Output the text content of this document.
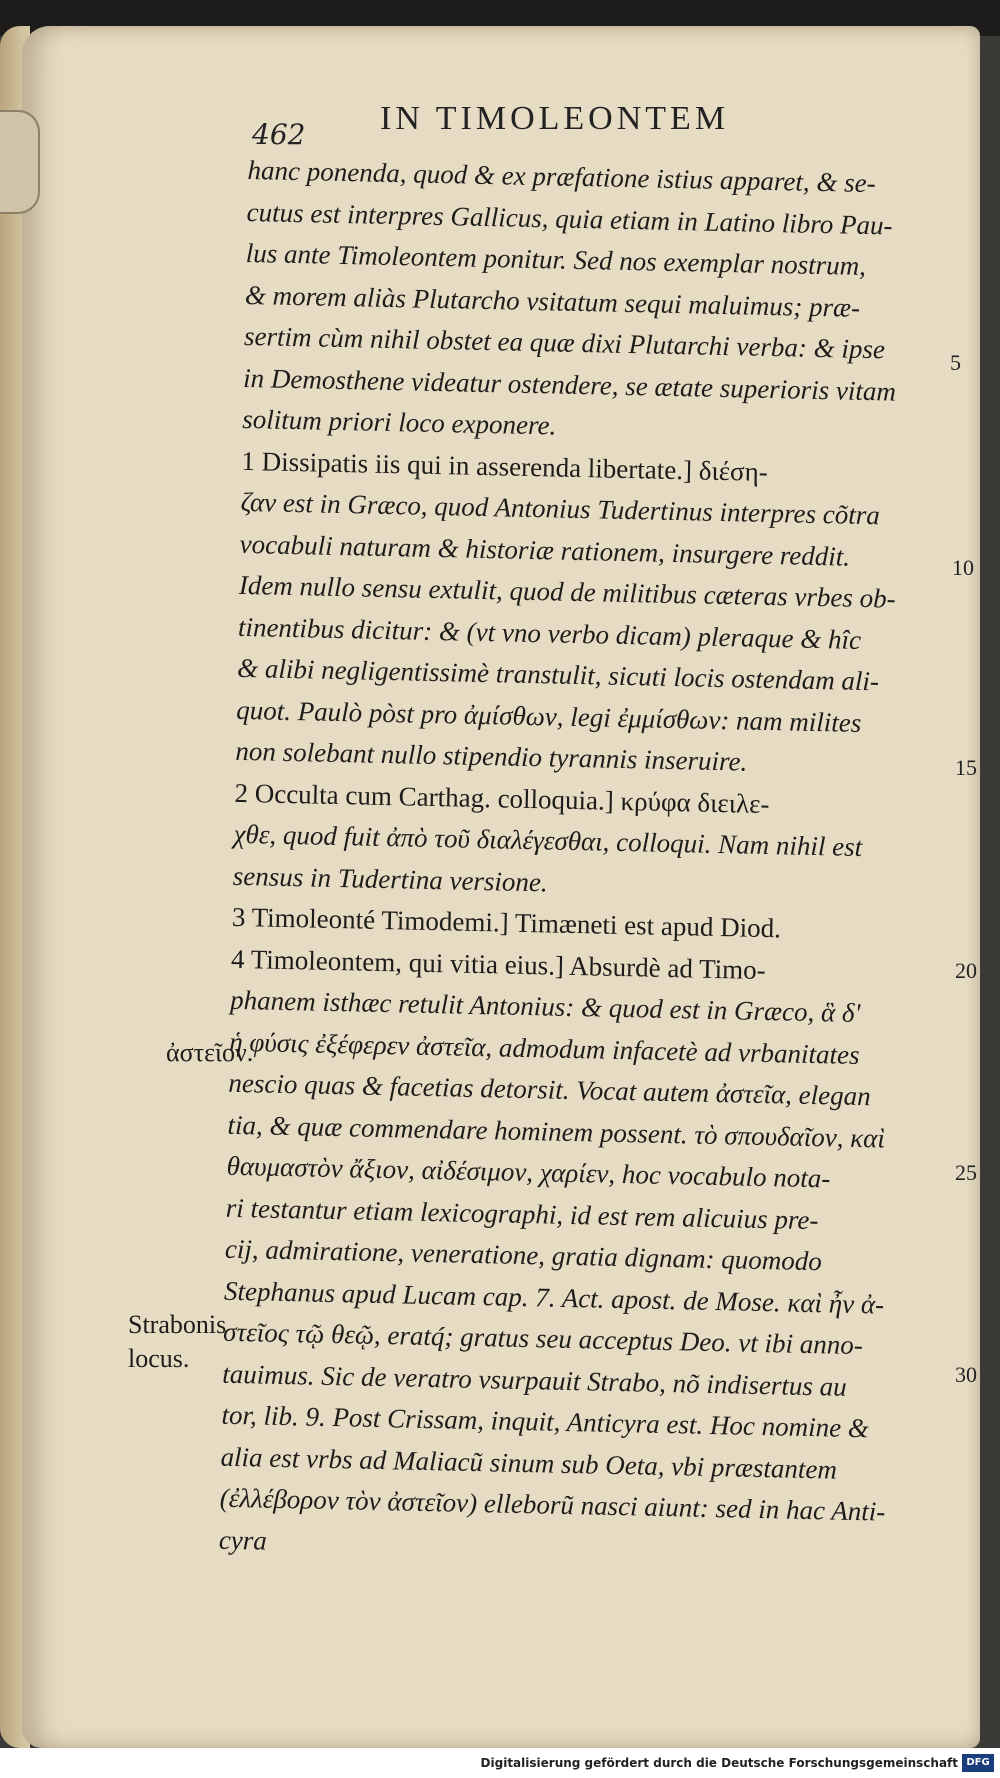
462 IN TIMOLEONTEM
hanc ponenda, quod & ex præfatione istius apparet, & se-
cutus est interpres Gallicus, quia etiam in Latino libro Pau-
lus ante Timoleontem ponitur. Sed nos exemplar nostrum,
& morem aliàs Plutarcho vsitatum sequi maluimus; præ-
sertim cùm nihil obstet ea quæ dixi Plutarchi verba: & ipse
in Demosthene videatur ostendere, se ætate superioris vitam
solitum priori loco exponere.
1 Dissipatis iis qui in asserenda libertate.] διέση-
ζαν est in Græco, quod Antonius Tudertinus interpres cõtra
vocabuli naturam & historiæ rationem, insurgere reddit.
Idem nullo sensu extulit, quod de militibus cæteras vrbes ob-
tinentibus dicitur: & (vt vno verbo dicam) pleraque & hîc
& alibi negligentissimè transtulit, sicuti locis ostendam ali-
quot. Paulò pòst pro ἀμίσθων, legi ἐμμίσθων: nam milites
non solebant nullo stipendio tyrannis inseruire.
2 Occulta cum Carthag. colloquia.] κρύφα διειλε-
χθε, quod fuit ἀπὸ τοῦ διαλέγεσθαι, colloqui. Nam nihil est
sensus in Tudertina versione.
3 Timoleonté Timodemi.] Timæneti est apud Diod.
4 Timoleontem, qui vitia eius.] Absurdè ad Timo-
phanem isthæc retulit Antonius: & quod est in Græco, ἃ δ'
ἡ φύσις ἐξέφερεν ἀστεῖα, admodum infacetè ad vrbanitates
nescio quas & facetias detorsit. Vocat autem ἀστεῖα, elegan
tia, & quæ commendare hominem possent. τὸ σπουδαῖον, καὶ
θαυμαστὸν ἄξιον, αἰδέσιμον, χαρίεν, hoc vocabulo nota-
ri testantur etiam lexicographi, id est rem alicuius pre-
cij, admiratione, veneratione, gratia dignam: quomodo
Stephanus apud Lucam cap. 7. Act. apost. de Mose. καὶ ἦν ἀ-
στεῖος τῷ θεῷ, eratq́; gratus seu acceptus Deo. vt ibi anno-
tauimus. Sic de veratro vsurpauit Strabo, nõ indisertus au
tor, lib. 9. Post Crissam, inquit, Anticyra est. Hoc nomine &
alia est vrbs ad Maliacũ sinum sub Oeta, vbi præstantem
(ἐλλέβορον τὸν ἀστεῖον) elleborũ nasci aiunt: sed in hac Anti-
cyra
5
10
15
20
25
30
ἀστεῖον.
Strabonis
locus.
Digitalisierung gefördert durch die Deutsche Forschungsgemeinschaft DFG
